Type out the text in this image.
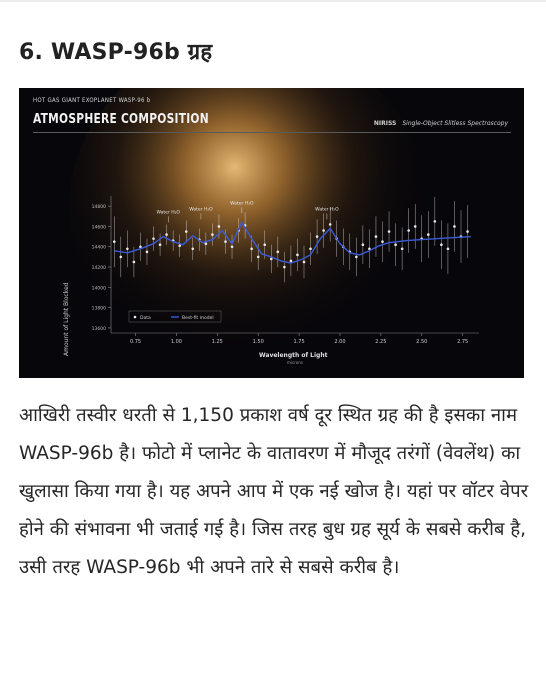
6. WASP-96b ग्रह
14800
14600
14400
14200
14000
13800
13600
0.75	1.00	1.25	1.50	1.75	2.00	2.25	2.50	2.75
Water H₂O
Water H₂O
Water H₂O
Water H₂O
Data	Best-fit model
HOT GAS GIANT EXOPLANET WASP-96 b
ATMOSPHERE COMPOSITION	NIRISS Single-Object Slitless Spectroscopy
Amount of Light Blocked	Wavelength of Light
microns

आखिरी तस्वीर धरती से 1,150 प्रकाश वर्ष दूर स्थित ग्रह की है इसका नाम WASP-96b है। फोटो में प्लानेट के वातावरण में मौजूद तरंगों (वेवलेंथ) का खुलासा किया गया है। यह अपने आप में एक नई खोज है। यहां पर वॉटर वेपर होने की संभावना भी जताई गई है। जिस तरह बुध ग्रह सूर्य के सबसे करीब है, उसी तरह WASP-96b भी अपने तारे से सबसे करीब है।
